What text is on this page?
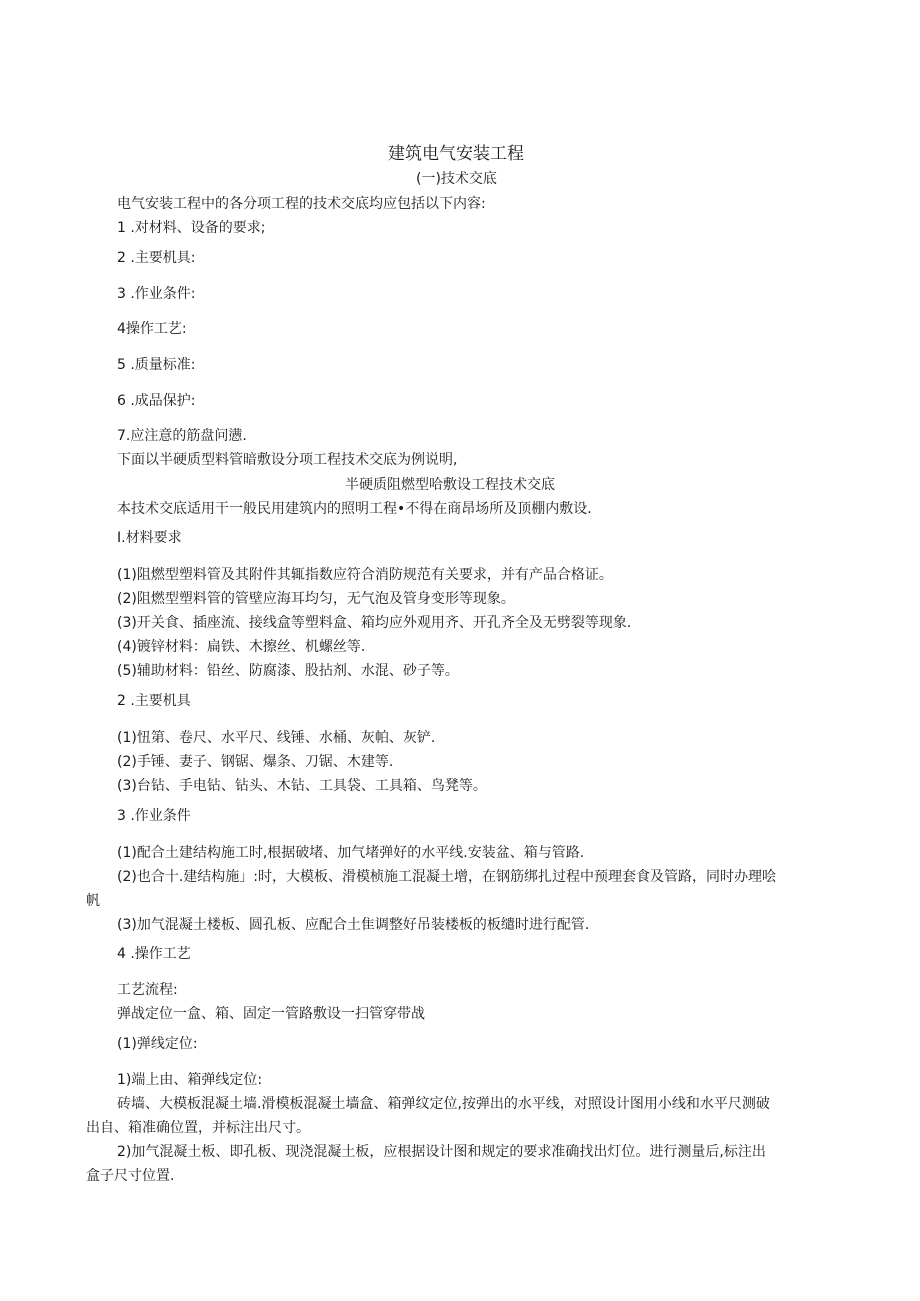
建筑电气安装工程

(一)技术交底

电气安装工程中的各分项工程的技术交底均应包括以下内容:

1 .对材料、设备的要求;

2 .主要机具:

3 .作业条件:

4操作工艺:

5 .质量标准:

6 .成品保护:

7.应注意的筋盘问懑.

下面以半硬质型料管暗敷设分项工程技术交底为例说明,

半硬质阻燃型哈敷设工程技术交底

本技术交底适用干一般民用建筑内的照明工程•不得在商昂场所及顶棚内敷设.

I.材料要求

(1)阻燃型塑料管及其附件其辄指数应符合消防规范有关要求，并有产品合格证。

(2)阻燃型塑料管的管壁应海耳均匀，无气泡及管身变形等现象。

(3)开关食、插座流、接线盒等塑料盒、箱均应外观用齐、开孔齐全及无劈裂等现象.

(4)镀锌材料：扁铁、木擦丝、机螺丝等.

(5)辅助材料：铅丝、防腐漆、股拈剂、水混、砂子等。

2 .主要机具

(1)忸第、卷尺、水平尺、线锤、水桶、灰帕、灰铲.

(2)手锤、妻子、钢锯、爆条、刀锯、木建等.

(3)台钻、手电钻、钻头、木钻、工具袋、工具箱、鸟凳等。

3 .作业条件

(1)配合土建结构施工时,根据破堵、加气堵弹好的水平线.安装盆、箱与管路.

(2)也合十.建结构施」:时，大模板、滑模桢施工混凝土增，在钢筋绑扎过程中预理套食及管路，同时办理哙

帆

(3)加气混凝土楼板、圆孔板、应配合土隹调整好吊装楼板的板缱时进行配管.

4 .操作工艺

工艺流程:

弹战定位一盒、箱、固定一管路敷设一扫管穿带战

(1)弹线定位:

1)端上由、箱弹线定位:

砖墙、大模板混凝土墙.滑模板混凝土墙盒、箱弹纹定位,按弹出的水平线，对照设计图用小线和水平尺测破

出自、箱准确位置，并标注出尺寸。

2)加气混凝土板、即孔板、现浇混凝土板，应根据设计图和规定的要求准确找出灯位。进行测量后,标注出

盒子尺寸位置.
